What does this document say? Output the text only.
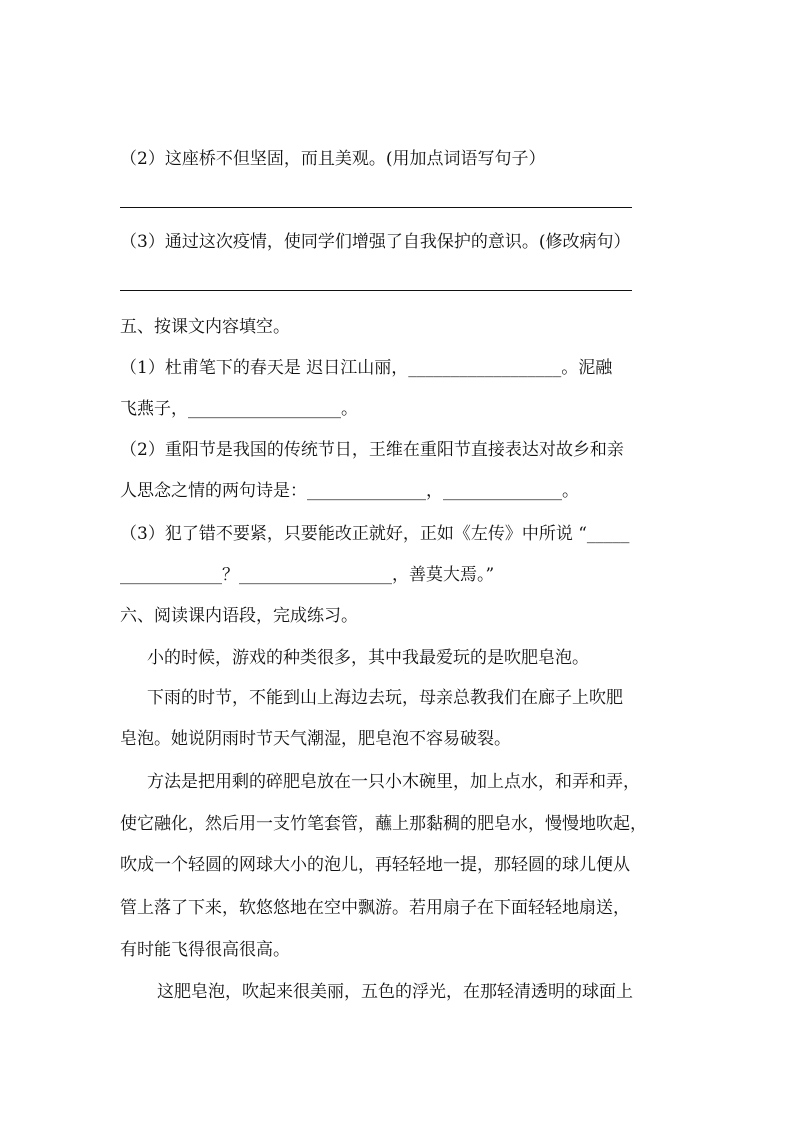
（2）这座桥不但坚固，而且美观。(用加点词语写句子）
（3）通过这次疫情，使同学们增强了自我保护的意识。(修改病句）
五、按课文内容填空。
（1）杜甫笔下的春天是 迟日江山丽，__________________。泥融
飞燕子，__________________。
（2）重阳节是我国的传统节日，王维在重阳节直接表达对故乡和亲
人思念之情的两句诗是：______________，______________。
（3）犯了错不要紧，只要能改正就好，正如《左传》中所说 “_____
____________？__________________，善莫大焉。”
六、阅读课内语段，完成练习。
小的时候，游戏的种类很多，其中我最爱玩的是吹肥皂泡。
下雨的时节，不能到山上海边去玩，母亲总教我们在廊子上吹肥
皂泡。她说阴雨时节天气潮湿，肥皂泡不容易破裂。
方法是把用剩的碎肥皂放在一只小木碗里，加上点水，和弄和弄，
使它融化，然后用一支竹笔套管，蘸上那黏稠的肥皂水，慢慢地吹起，
吹成一个轻圆的网球大小的泡儿，再轻轻地一提，那轻圆的球儿便从
管上落了下来，软悠悠地在空中飘游。若用扇子在下面轻轻地扇送，
有时能飞得很高很高。
这肥皂泡，吹起来很美丽，五色的浮光，在那轻清透明的球面上
